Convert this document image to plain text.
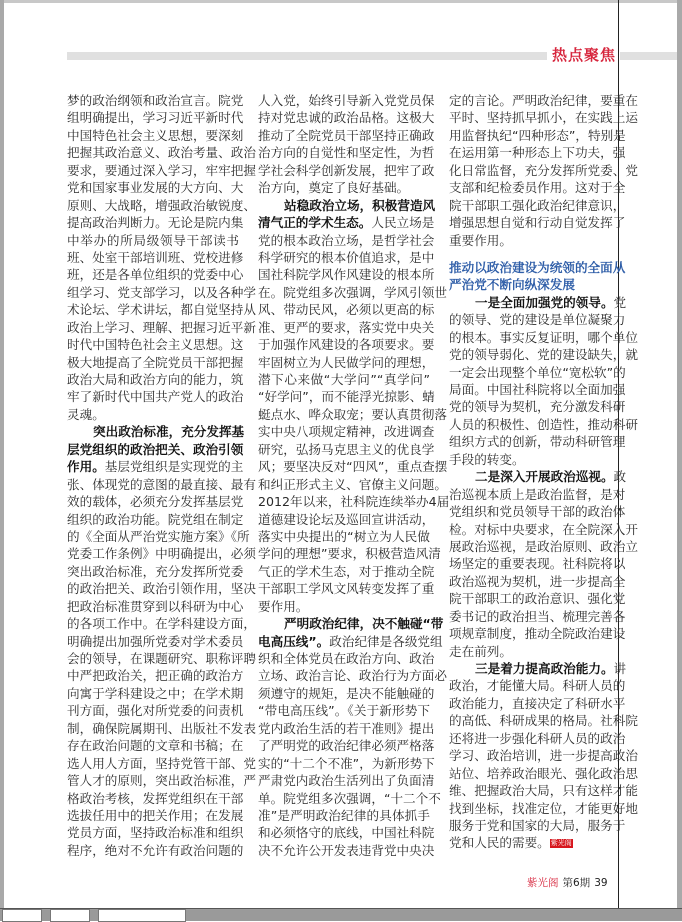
热点聚焦
梦的政治纲领和政治宣言。院党
组明确提出，学习习近平新时代
中国特色社会主义思想，要深刻
把握其政治意义、政治考量、政治
要求，要通过深入学习，牢牢把握
党和国家事业发展的大方向、大
原则、大战略，增强政治敏锐度、
提高政治判断力。无论是院内集
中举办的所局级领导干部读书
班、处室干部培训班、党校进修
班，还是各单位组织的党委中心
组学习、党支部学习，以及各种学
术论坛、学术讲坛，都自觉坚持从
政治上学习、理解、把握习近平新
时代中国特色社会主义思想。这
极大地提高了全院党员干部把握
政治大局和政治方向的能力，筑
牢了新时代中国共产党人的政治
灵魂。
突出政治标准，充分发挥基
层党组织的政治把关、政治引领
作用。基层党组织是实现党的主
张、体现党的意图的最直接、最有
效的载体，必须充分发挥基层党
组织的政治功能。院党组在制定
的《全面从严治党实施方案》《所
党委工作条例》中明确提出，必须
突出政治标准，充分发挥所党委
的政治把关、政治引领作用，坚决
把政治标准贯穿到以科研为中心
的各项工作中。在学科建设方面，
明确提出加强所党委对学术委员
会的领导，在课题研究、职称评聘
中严把政治关，把正确的政治方
向寓于学科建设之中；在学术期
刊方面，强化对所党委的问责机
制，确保院属期刊、出版社不发表
存在政治问题的文章和书稿；在
选人用人方面，坚持党管干部、党
管人才的原则，突出政治标准，严
格政治考核，发挥党组织在干部
选拔任用中的把关作用；在发展
党员方面，坚持政治标准和组织
程序，绝对不允许有政治问题的
人入党，始终引导新入党党员保
持对党忠诚的政治品格。这极大
推动了全院党员干部坚持正确政
治方向的自觉性和坚定性，为哲
学社会科学创新发展，把牢了政
治方向，奠定了良好基础。
站稳政治立场，积极营造风
清气正的学术生态。人民立场是
党的根本政治立场，是哲学社会
科学研究的根本价值追求，是中
国社科院学风作风建设的根本所
在。院党组多次强调，学风引领世
风、带动民风，必须以更高的标
准、更严的要求，落实党中央关
于加强作风建设的各项要求。要
牢固树立为人民做学问的理想，
潜下心来做“大学问”“真学问”
“好学问”，而不能浮光掠影、蜻
蜓点水、哗众取宠；要认真贯彻落
实中央八项规定精神，改进调查
研究，弘扬马克思主义的优良学
风；要坚决反对“四风”，重点查摆
和纠正形式主义、官僚主义问题。
2012年以来，社科院连续举办4届
道德建设论坛及巡回宣讲活动，
落实中央提出的“树立为人民做
学问的理想”要求，积极营造风清
气正的学术生态，对于推动全院
干部职工学风文风转变发挥了重
要作用。
严明政治纪律，决不触碰“带
电高压线”。政治纪律是各级党组
织和全体党员在政治方向、政治
立场、政治言论、政治行为方面必
须遵守的规矩，是决不能触碰的
“带电高压线”。《关于新形势下
党内政治生活的若干准则》提出
了严明党的政治纪律必须严格落
实的“十二个不准”，为新形势下
严肃党内政治生活列出了负面清
单。院党组多次强调，“十二个不
准”是严明政治纪律的具体抓手
和必须恪守的底线，中国社科院
决不允许公开发表违背党中央决
定的言论。严明政治纪律，要重在
平时、坚持抓早抓小，在实践上运
用监督执纪“四种形态”，特别是
在运用第一种形态上下功夫，强
化日常监督，充分发挥所党委、党
支部和纪检委员作用。这对于全
院干部职工强化政治纪律意识，
增强思想自觉和行动自觉发挥了
重要作用。
推动以政治建设为统领的全面从
严治党不断向纵深发展
一是全面加强党的领导。党
的领导、党的建设是单位凝聚力
的根本。事实反复证明，哪个单位
党的领导弱化、党的建设缺失，就
一定会出现整个单位“宽松软”的
局面。中国社科院将以全面加强
党的领导为契机，充分激发科研
人员的积极性、创造性，推动科研
组织方式的创新，带动科研管理
手段的转变。
二是深入开展政治巡视。政
治巡视本质上是政治监督，是对
党组织和党员领导干部的政治体
检。对标中央要求，在全院深入开
展政治巡视，是政治原则、政治立
场坚定的重要表现。社科院将以
政治巡视为契机，进一步提高全
院干部职工的政治意识、强化党
委书记的政治担当、梳理完善各
项规章制度，推动全院政治建设
走在前列。
三是着力提高政治能力。讲
政治，才能懂大局。科研人员的
政治能力，直接决定了科研水平
的高低、科研成果的格局。社科院
还将进一步强化科研人员的政治
学习、政治培训，进一步提高政治
站位、培养政治眼光、强化政治思
维、把握政治大局，只有这样才能
找到坐标，找准定位，才能更好地
服务于党和国家的大局，服务于
党和人民的需要。紫光阁
紫光阁 第6期 39
